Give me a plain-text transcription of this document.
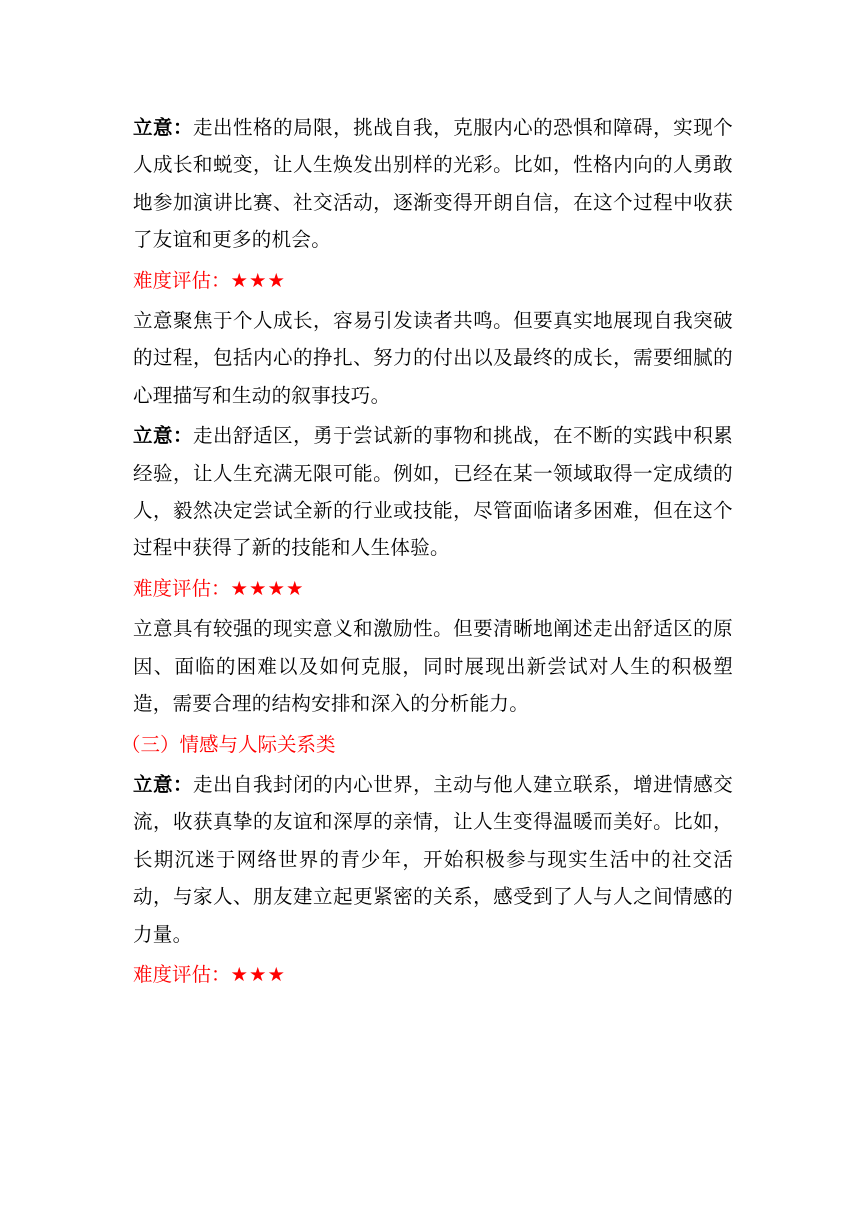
立意：走出性格的局限，挑战自我，克服内心的恐惧和障碍，实现个人成长和蜕变，让人生焕发出别样的光彩。比如，性格内向的人勇敢地参加演讲比赛、社交活动，逐渐变得开朗自信，在这个过程中收获了友谊和更多的机会。

难度评估：★★★

立意聚焦于个人成长，容易引发读者共鸣。但要真实地展现自我突破的过程，包括内心的挣扎、努力的付出以及最终的成长，需要细腻的心理描写和生动的叙事技巧。

立意：走出舒适区，勇于尝试新的事物和挑战，在不断的实践中积累经验，让人生充满无限可能。例如，已经在某一领域取得一定成绩的人，毅然决定尝试全新的行业或技能，尽管面临诸多困难，但在这个过程中获得了新的技能和人生体验。

难度评估：★★★★

立意具有较强的现实意义和激励性。但要清晰地阐述走出舒适区的原因、面临的困难以及如何克服，同时展现出新尝试对人生的积极塑造，需要合理的结构安排和深入的分析能力。

（三）情感与人际关系类

立意：走出自我封闭的内心世界，主动与他人建立联系，增进情感交流，收获真挚的友谊和深厚的亲情，让人生变得温暖而美好。比如，长期沉迷于网络世界的青少年，开始积极参与现实生活中的社交活动，与家人、朋友建立起更紧密的关系，感受到了人与人之间情感的力量。

难度评估：★★★
